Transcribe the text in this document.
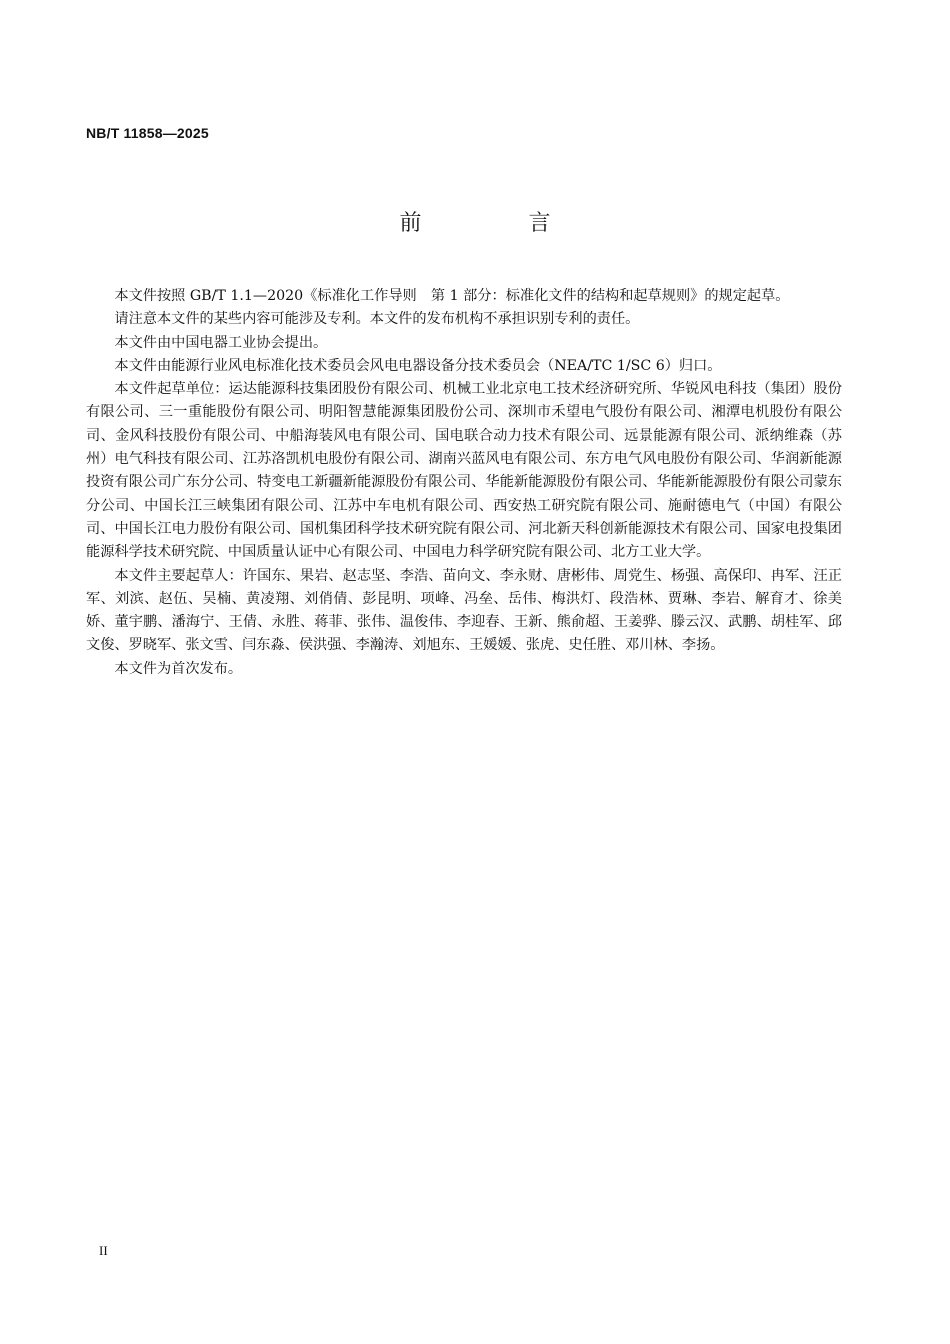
NB/T 11858—2025
前 言

本文件按照 GB/T 1.1—2020《标准化工作导则　第 1 部分：标准化文件的结构和起草规则》的规定起草。

请注意本文件的某些内容可能涉及专利。本文件的发布机构不承担识别专利的责任。

本文件由中国电器工业协会提出。

本文件由能源行业风电标准化技术委员会风电电器设备分技术委员会（NEA/TC 1/SC 6）归口。

本文件起草单位：运达能源科技集团股份有限公司、机械工业北京电工技术经济研究所、华锐风电科技（集团）股份有限公司、三一重能股份有限公司、明阳智慧能源集团股份公司、深圳市禾望电气股份有限公司、湘潭电机股份有限公司、金风科技股份有限公司、中船海装风电有限公司、国电联合动力技术有限公司、远景能源有限公司、派纳维森（苏州）电气科技有限公司、江苏洛凯机电股份有限公司、湖南兴蓝风电有限公司、东方电气风电股份有限公司、华润新能源投资有限公司广东分公司、特变电工新疆新能源股份有限公司、华能新能源股份有限公司、华能新能源股份有限公司蒙东分公司、中国长江三峡集团有限公司、江苏中车电机有限公司、西安热工研究院有限公司、施耐德电气（中国）有限公司、中国长江电力股份有限公司、国机集团科学技术研究院有限公司、河北新天科创新能源技术有限公司、国家电投集团能源科学技术研究院、中国质量认证中心有限公司、中国电力科学研究院有限公司、北方工业大学。

本文件主要起草人：许国东、果岩、赵志坚、李浩、苗向文、李永财、唐彬伟、周党生、杨强、高保印、冉军、汪正军、刘滨、赵伍、吴楠、黄凌翔、刘俏倩、彭昆明、项峰、冯垒、岳伟、梅洪灯、段浩林、贾琳、李岩、解育才、徐美娇、董宇鹏、潘海宁、王倩、永胜、蒋菲、张伟、温俊伟、李迎春、王新、熊俞超、王姜骅、滕云汉、武鹏、胡桂军、邱文俊、罗晓军、张文雪、闫东淼、侯洪强、李瀚涛、刘旭东、王媛媛、张虎、史任胜、邓川林、李扬。

本文件为首次发布。

II
